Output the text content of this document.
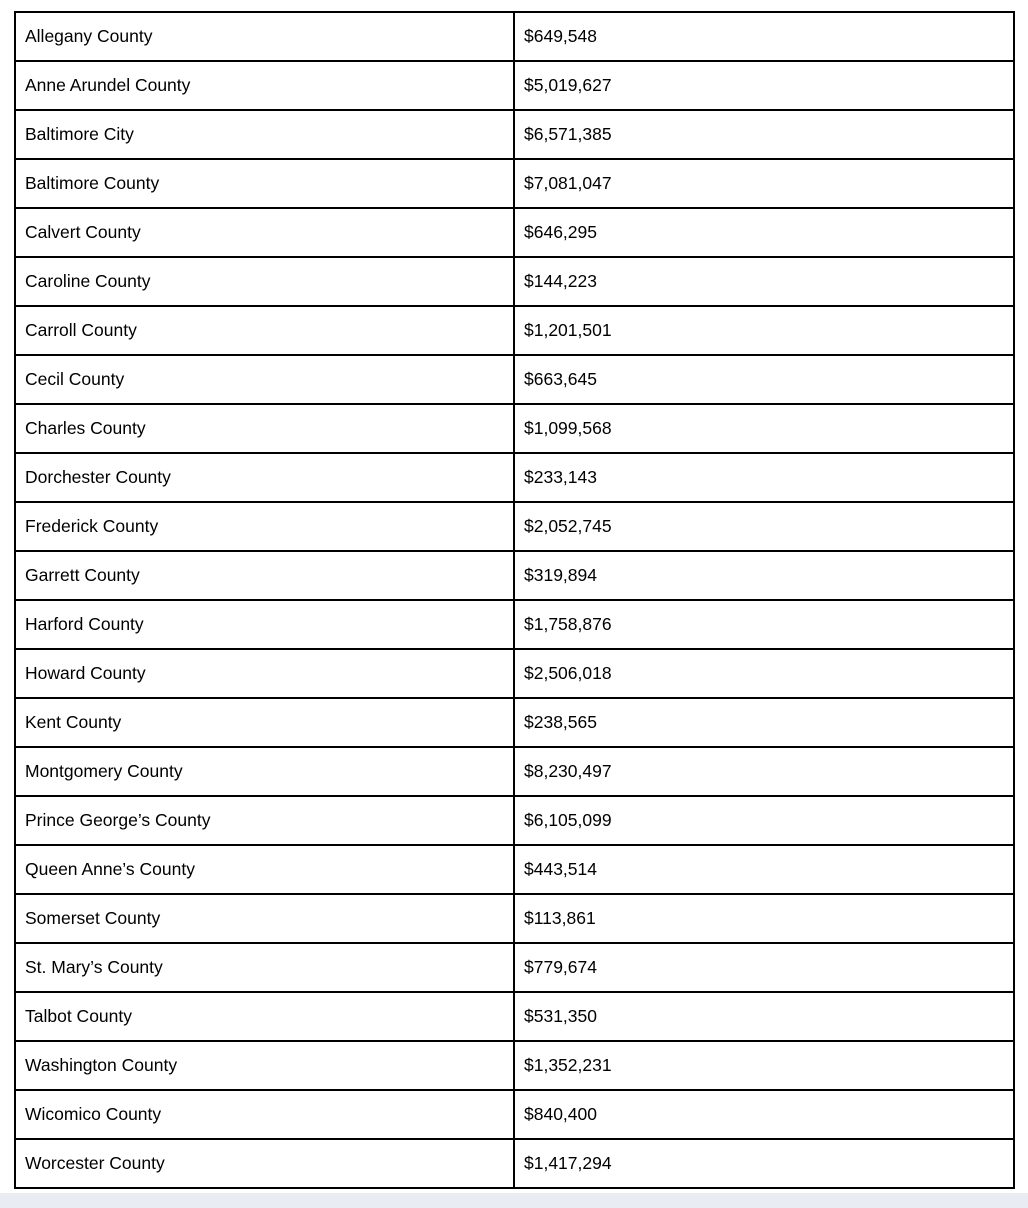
Allegany County	$649,548
Anne Arundel County	$5,019,627
Baltimore City	$6,571,385
Baltimore County	$7,081,047
Calvert County	$646,295
Caroline County	$144,223
Carroll County	$1,201,501
Cecil County	$663,645
Charles County	$1,099,568
Dorchester County	$233,143
Frederick County	$2,052,745
Garrett County	$319,894
Harford County	$1,758,876
Howard County	$2,506,018
Kent County	$238,565
Montgomery County	$8,230,497
Prince George’s County	$6,105,099
Queen Anne’s County	$443,514
Somerset County	$113,861
St. Mary’s County	$779,674
Talbot County	$531,350
Washington County	$1,352,231
Wicomico County	$840,400
Worcester County	$1,417,294
